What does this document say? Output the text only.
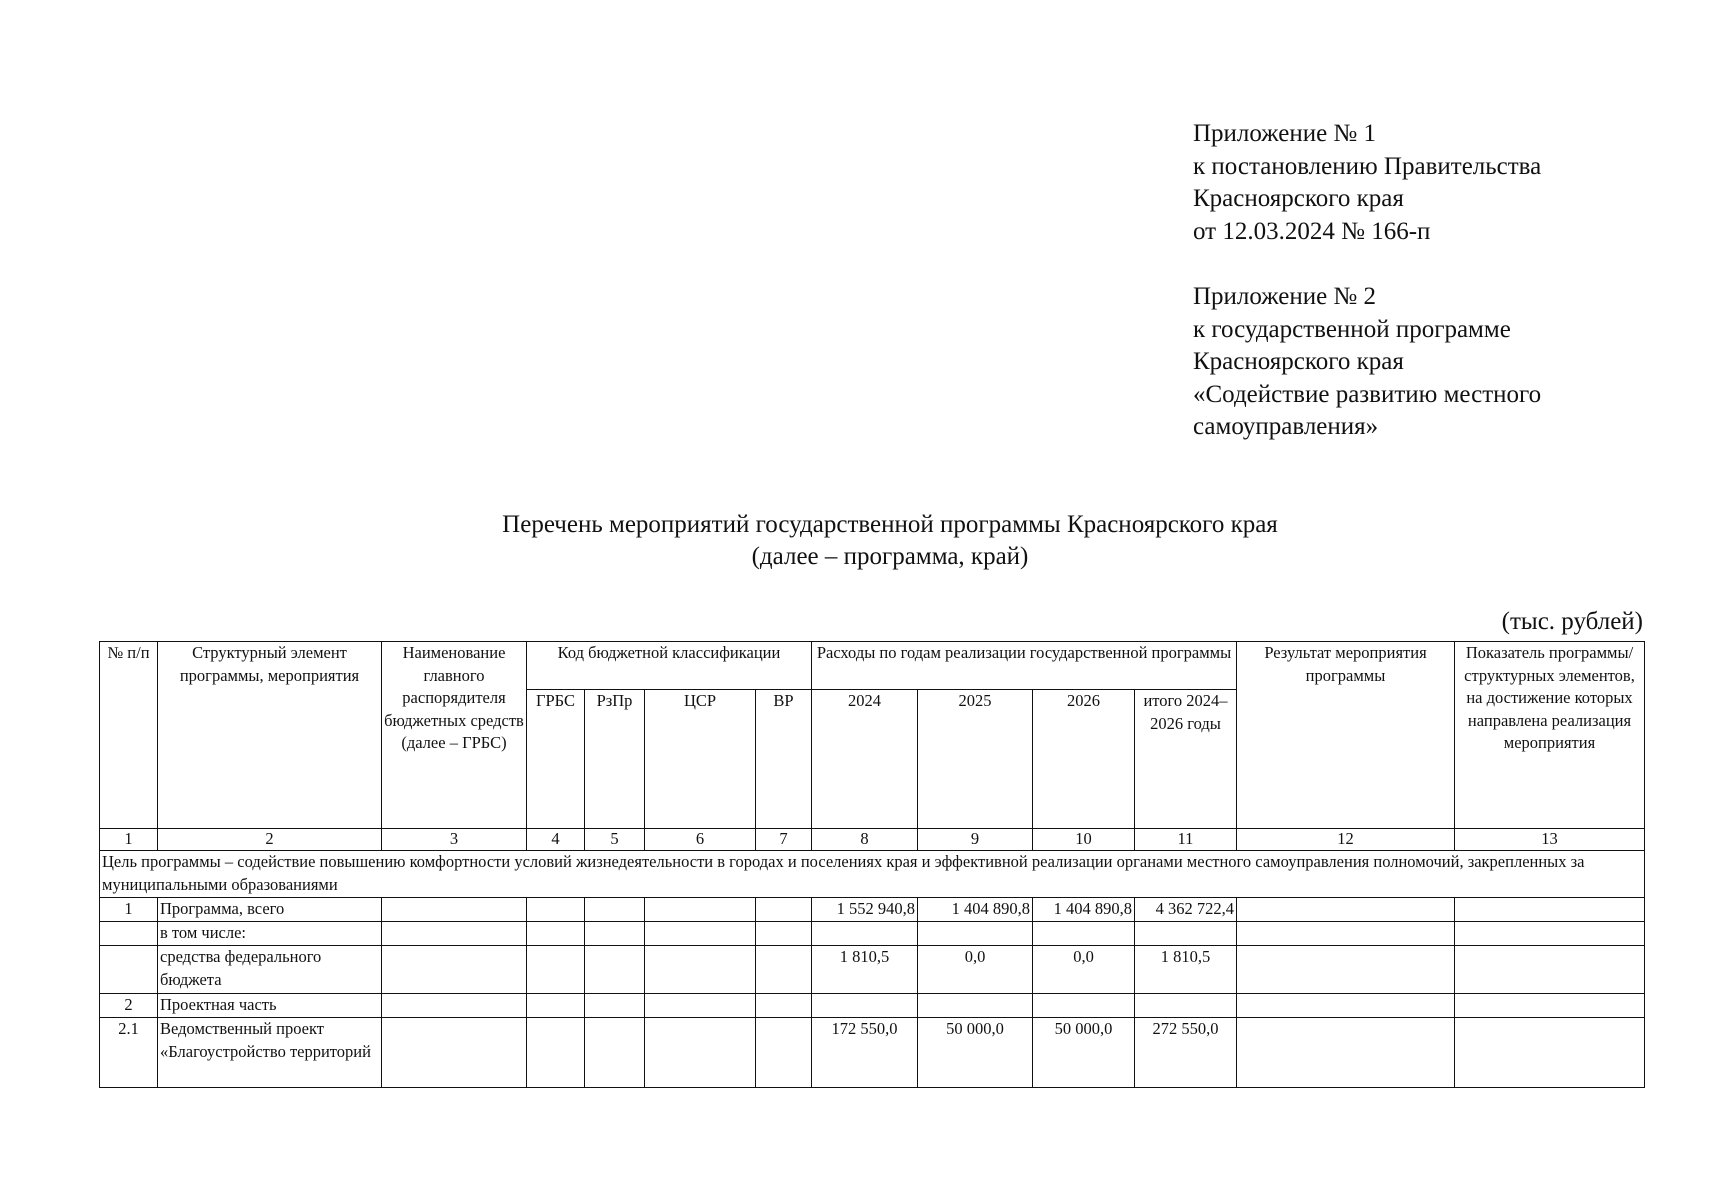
Приложение № 1
к постановлению Правительства
Красноярского края
от 12.03.2024 № 166-п
Приложение № 2
к государственной программе
Красноярского края
«Содействие развитию местного
самоуправления»
Перечень мероприятий государственной программы Красноярского края
(далее – программа, край)
(тыс. рублей)
№ п/п	Структурный элемент программы, мероприятия	Наименование главного распорядителя бюджетных средств (далее – ГРБС)	Код бюджетной классификации				Расходы по годам реализации государственной программы				Результат мероприятия программы	Показатель программы/ структурных элементов, на достижение которых направлена реализация мероприятия
			ГРБС	РзПр	ЦСР	ВР	2024	2025	2026	итого 2024–2026 годы		
1	2	3	4	5	6	7	8	9	10	11	12	13
Цель программы – содействие повышению комфортности условий жизнедеятельности в городах и поселениях края и эффективной реализации органами местного самоуправления полномочий, закрепленных за муниципальными образованиями												
1	Программа, всего						1 552 940,8	1 404 890,8	1 404 890,8	4 362 722,4		
	в том числе:											
	средства федерального бюджета						1 810,5	0,0	0,0	1 810,5		
2	Проектная часть											
2.1	Ведомственный проект «Благоустройство территорий						172 550,0	50 000,0	50 000,0	272 550,0		
